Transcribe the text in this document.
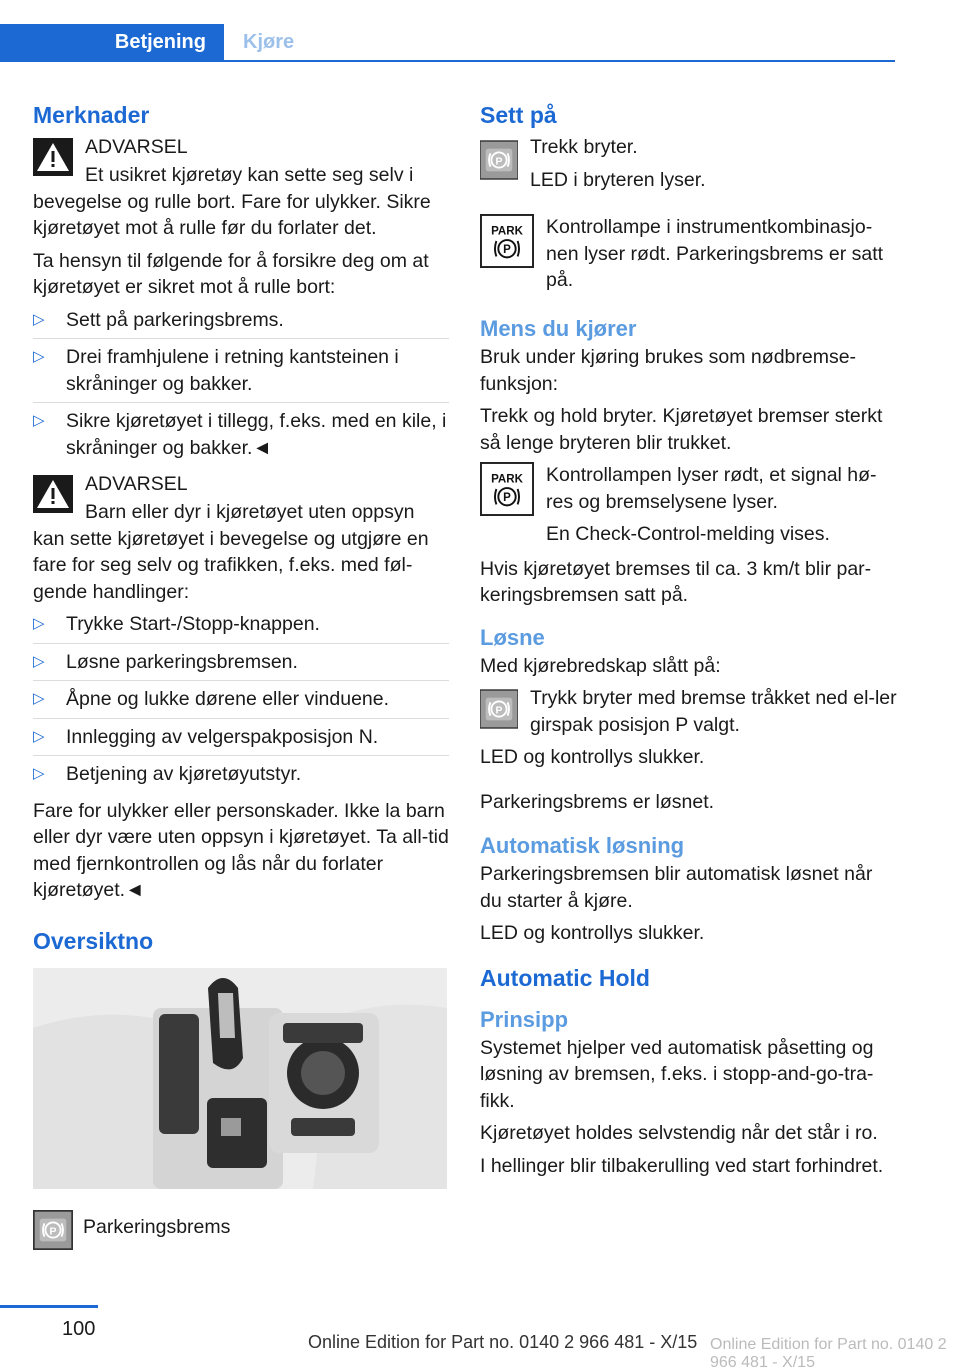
Betjening Kjøre
Merknader
ADVARSEL

Et usikret kjøretøy kan sette seg selv i bevegelse og rulle bort. Fare for ulykker. Sikre kjøretøyet mot å rulle før du forlater det.

Ta hensyn til følgende for å forsikre deg om at kjøretøyet er sikret mot å rulle bort:

▷ Sett på parkeringsbrems.
▷ Drei framhjulene i retning kantsteinen i skråninger og bakker.
▷ Sikre kjøretøyet i tillegg, f.eks. med en kile, i skråninger og bakker.◄
ADVARSEL

Barn eller dyr i kjøretøyet uten oppsyn kan sette kjøretøyet i bevegelse og utgjøre en fare for seg selv og trafikken, f.eks. med føl‐gende handlinger:

▷ Trykke Start-/Stopp-knappen.
▷ Løsne parkeringsbremsen.
▷ Åpne og lukke dørene eller vinduene.
▷ Innlegging av velgerspakposisjon N.
▷ Betjening av kjøretøyutstyr.

Fare for ulykker eller personskader. Ikke la barn eller dyr være uten oppsyn i kjøretøyet. Ta all‐tid med fjernkontrollen og lås når du forlater kjøretøyet.◄

Oversiktno
P Parkeringsbrems
Sett på
P
Trekk bryter.
LED i bryteren lyser.
PARK
P
Kontrollampe i instrumentkombinasjo‐nen lyser rødt. Parkeringsbrems er satt på.
Mens du kjører

Bruk under kjøring brukes som nødbremse‐funksjon:

Trekk og hold bryter. Kjøretøyet bremser sterkt så lenge bryteren blir trukket.

PARK
P

Kontrollampen lyser rødt, et signal hø‐res og bremselysene lyser.

En Check-Control-melding vises.

Hvis kjøretøyet bremses til ca. 3 km/t blir par‐keringsbremsen satt på.

Løsne

Med kjørebredskap slått på:

P
Trykk bryter med bremse tråkket ned el‐ler girspak posisjon P valgt.

LED og kontrollys slukker.

Parkeringsbrems er løsnet.

Automatisk løsning

Parkeringsbremsen blir automatisk løsnet når du starter å kjøre.

LED og kontrollys slukker.

Automatic Hold
Prinsipp

Systemet hjelper ved automatisk påsetting og løsning av bremsen, f.eks. i stopp-and-go-tra‐fikk.

Kjøretøyet holdes selvstendig når det står i ro.

I hellinger blir tilbakerulling ved start forhindret.

100
Online Edition for Part no. 0140 2 966 481 - X/15 Online Edition for Part no. 0140 2 966 481 - X/15
